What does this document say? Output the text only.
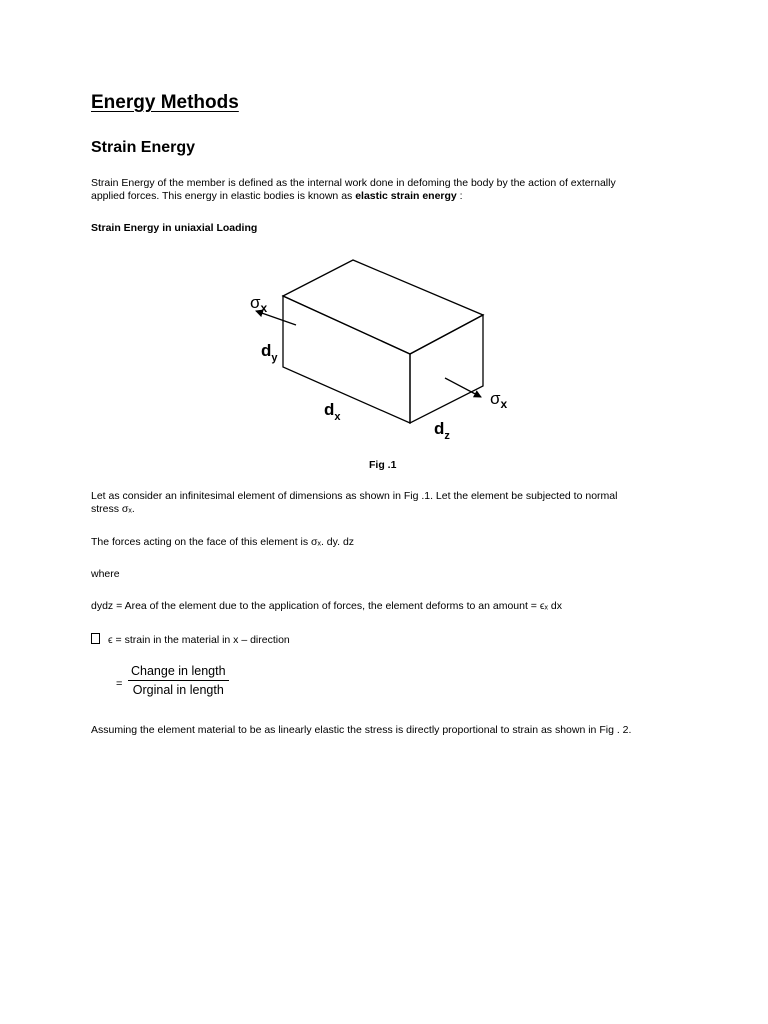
Energy Methods
Strain Energy

Strain Energy of the member is defined as the internal work done in defoming the body by the action of externally
applied forces. This energy in elastic bodies is known as elastic strain energy :

Strain Energy in uniaxial Loading
$\sigma_x$
$d_y$
$d_x$
$d_z$
$\sigma_x$
Fig .1

Let as consider an infinitesimal element of dimensions as shown in Fig .1. Let the element be subjected to normal
stress σₓ.

The forces acting on the face of this element is σₓ. dy. dz

where

dydz = Area of the element due to the application of forces, the element deforms to an amount = ϵₓ dx

ϵ = strain in the material in x – direction

=
Change in length
Orginal in length

Assuming the element material to be as linearly elastic the stress is directly proportional to strain as shown in Fig . 2.
